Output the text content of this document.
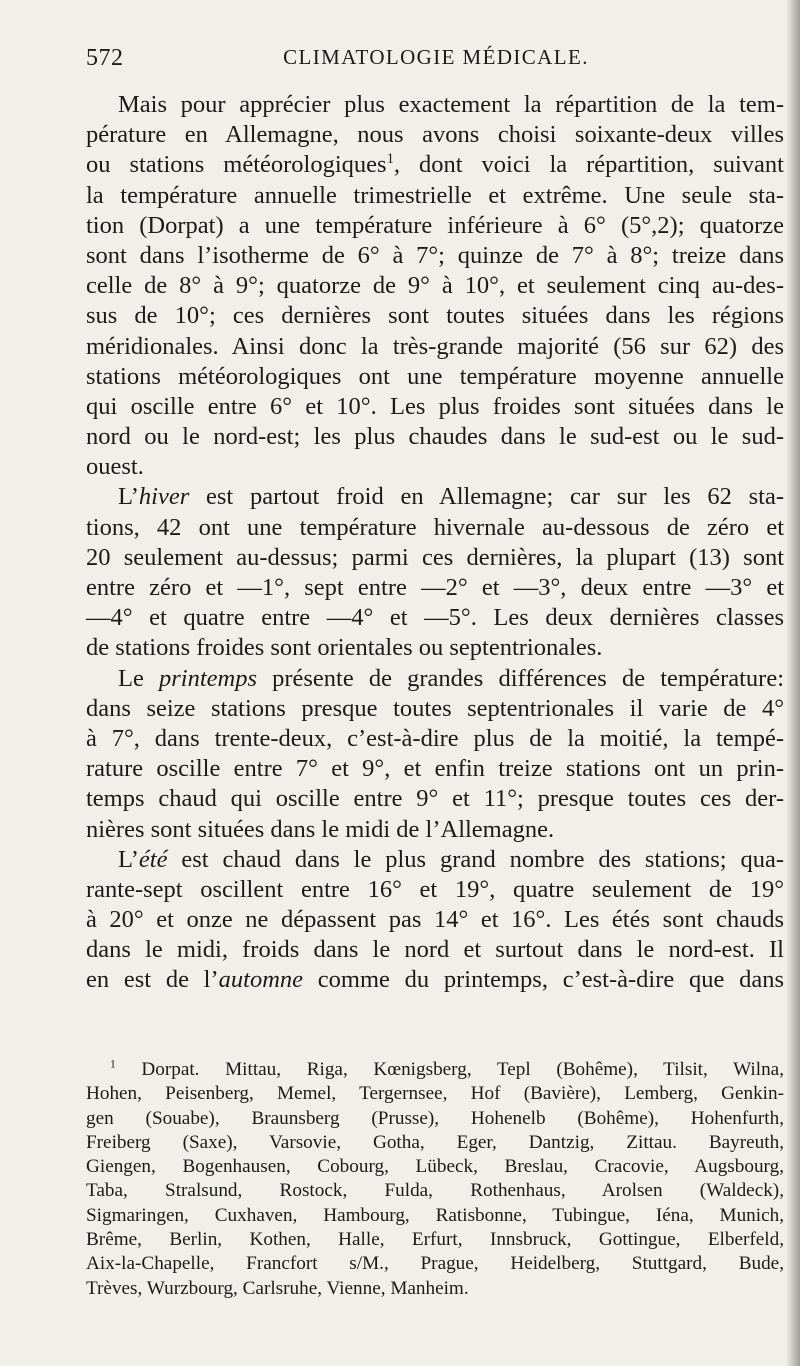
572	CLIMATOLOGIE MÉDICALE.
Mais pour apprécier plus exactement la répartition de la tem-
pérature en Allemagne, nous avons choisi soixante-deux villes
ou stations météorologiques$^1$, dont voici la répartition, suivant
la température annuelle trimestrielle et extrême. Une seule sta-
tion (Dorpat) a une température inférieure à 6° (5°,2); quatorze
sont dans l’isotherme de 6° à 7°; quinze de 7° à 8°; treize dans
celle de 8° à 9°; quatorze de 9° à 10°, et seulement cinq au-des-
sus de 10°; ces dernières sont toutes situées dans les régions
méridionales. Ainsi donc la très-grande majorité (56 sur 62) des
stations météorologiques ont une température moyenne annuelle
qui oscille entre 6° et 10°. Les plus froides sont situées dans le
nord ou le nord-est; les plus chaudes dans le sud-est ou le sud-
ouest.
L’hiver est partout froid en Allemagne; car sur les 62 sta-
tions, 42 ont une température hivernale au-dessous de zéro et
20 seulement au-dessus; parmi ces dernières, la plupart (13) sont
entre zéro et —1°, sept entre —2° et —3°, deux entre —3° et
—4° et quatre entre —4° et —5°. Les deux dernières classes
de stations froides sont orientales ou septentrionales.
Le printemps présente de grandes différences de température:
dans seize stations presque toutes septentrionales il varie de 4°
à 7°, dans trente-deux, c’est-à-dire plus de la moitié, la tempé-
rature oscille entre 7° et 9°, et enfin treize stations ont un prin-
temps chaud qui oscille entre 9° et 11°; presque toutes ces der-
nières sont situées dans le midi de l’Allemagne.
L’été est chaud dans le plus grand nombre des stations; qua-
rante-sept oscillent entre 16° et 19°, quatre seulement de 19°
à 20° et onze ne dépassent pas 14° et 16°. Les étés sont chauds
dans le midi, froids dans le nord et surtout dans le nord-est. Il
en est de l’automne comme du printemps, c’est-à-dire que dans
$^1$ Dorpat. Mittau, Riga, Kœnigsberg, Tepl (Bohême), Tilsit, Wilna,
Hohen, Peisenberg, Memel, Tergernsee, Hof (Bavière), Lemberg, Genkin-
gen (Souabe), Braunsberg (Prusse), Hohenelb (Bohême), Hohenfurth,
Freiberg (Saxe), Varsovie, Gotha, Eger, Dantzig, Zittau. Bayreuth,
Giengen, Bogenhausen, Cobourg, Lübeck, Breslau, Cracovie, Augsbourg,
Taba, Stralsund, Rostock, Fulda, Rothenhaus, Arolsen (Waldeck),
Sigmaringen, Cuxhaven, Hambourg, Ratisbonne, Tubingue, Iéna, Munich,
Brême, Berlin, Kothen, Halle, Erfurt, Innsbruck, Gottingue, Elberfeld,
Aix-la-Chapelle, Francfort s/M., Prague, Heidelberg, Stuttgard, Bude,
Trèves, Wurzbourg, Carlsruhe, Vienne, Manheim.
